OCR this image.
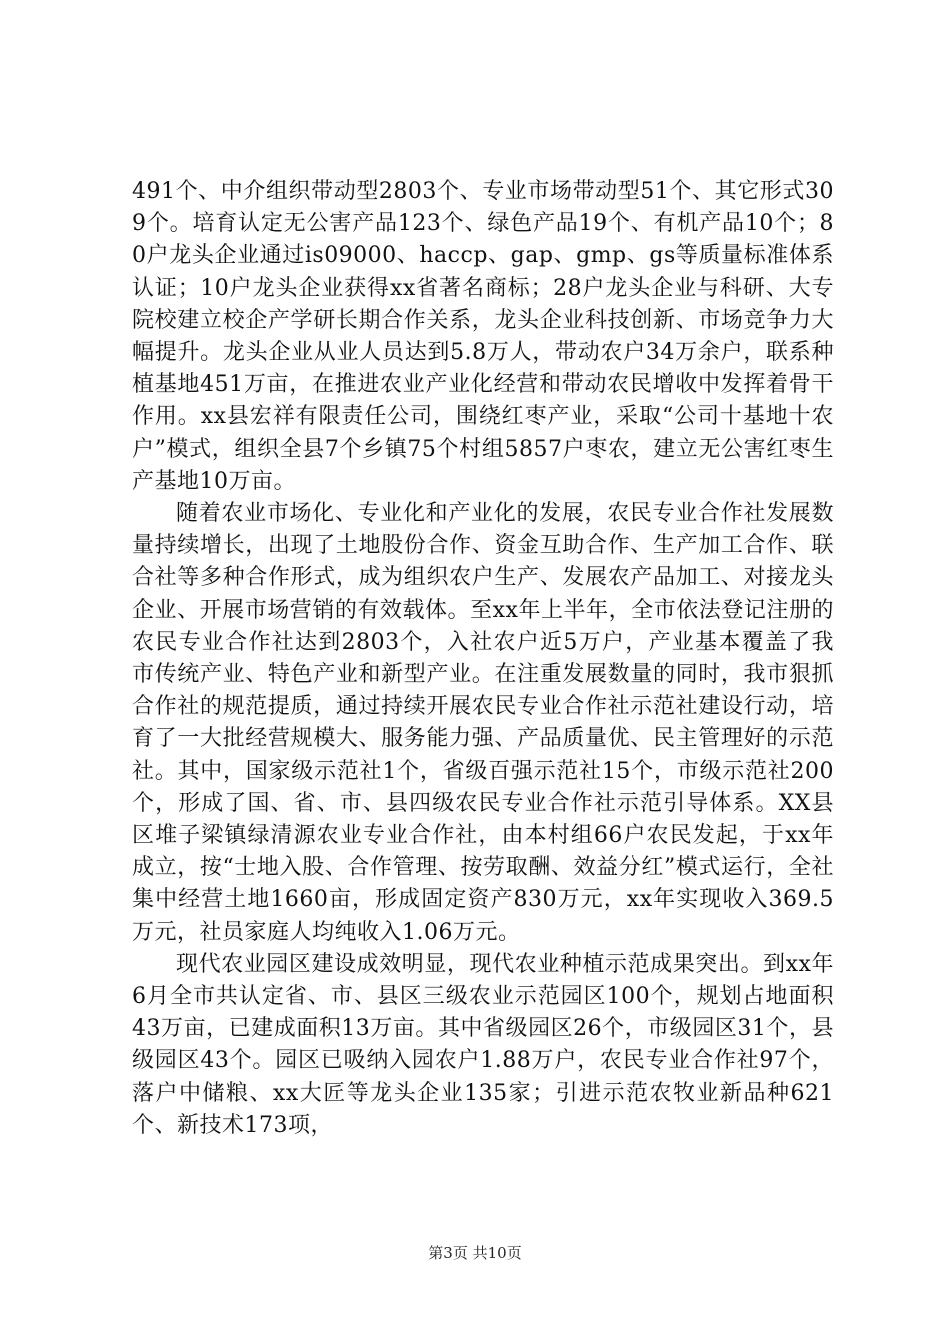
491个、中介组织带动型2803个、专业市场带动型51个、其它形式309个。培育认定无公害产品123个、绿色产品19个、有机产品10个；80户龙头企业通过is09000、haccp、gap、gmp、gs等质量标准体系认证；10户龙头企业获得xx省著名商标；28户龙头企业与科研、大专院校建立校企产学研长期合作关系，龙头企业科技创新、市场竞争力大幅提升。龙头企业从业人员达到5.8万人，带动农户34万余户，联系种植基地451万亩，在推进农业产业化经营和带动农民增收中发挥着骨干作用。xx县宏祥有限责任公司，围绕红枣产业，采取“公司十基地十农户”模式，组织全县7个乡镇75个村组5857户枣农，建立无公害红枣生产基地10万亩。

随着农业市场化、专业化和产业化的发展，农民专业合作社发展数量持续增长，出现了土地股份合作、资金互助合作、生产加工合作、联合社等多种合作形式，成为组织农户生产、发展农产品加工、对接龙头企业、开展市场营销的有效载体。至xx年上半年，全市依法登记注册的农民专业合作社达到2803个，入社农户近5万户，产业基本覆盖了我市传统产业、特色产业和新型产业。在注重发展数量的同时，我市狠抓合作社的规范提质，通过持续开展农民专业合作社示范社建设行动，培育了一大批经营规模大、服务能力强、产品质量优、民主管理好的示范社。其中，国家级示范社1个，省级百强示范社15个，市级示范社200个，形成了国、省、市、县四级农民专业合作社示范引导体系。XX县区堆子梁镇绿清源农业专业合作社，由本村组66户农民发起，于xx年成立，按“士地入股、合作管理、按劳取酬、效益分红”模式运行，全社集中经营土地1660亩，形成固定资产830万元，xx年实现收入369.5万元，社员家庭人均纯收入1.06万元。

现代农业园区建设成效明显，现代农业种植示范成果突出。到xx年6月全市共认定省、市、县区三级农业示范园区100个，规划占地面积43万亩，已建成面积13万亩。其中省级园区26个，市级园区31个，县级园区43个。园区已吸纳入园农户1.88万户，农民专业合作社97个，落户中储粮、xx大匠等龙头企业135家；引进示范农牧业新品种621个、新技术173项，

第3页 共10页
